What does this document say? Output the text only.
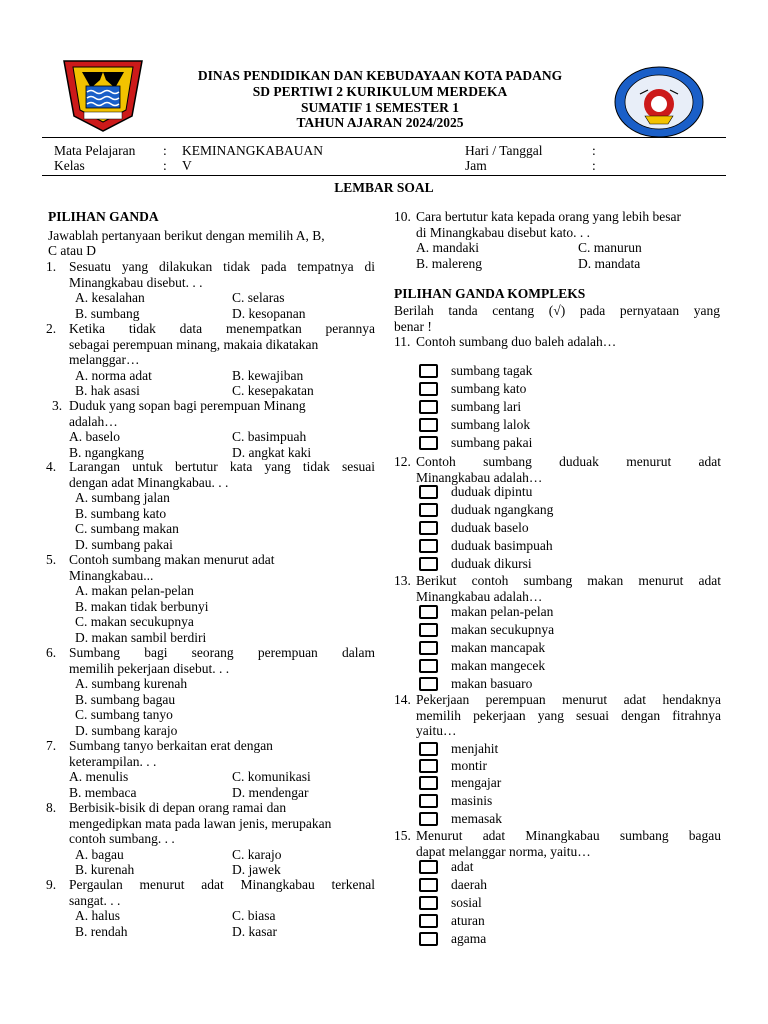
DINAS PENDIDIKAN DAN KEBUDAYAAN KOTA PADANG
SD PERTIWI 2 KURIKULUM MERDEKA
SUMATIF 1 SEMESTER 1
TAHUN AJARAN 2024/2025
Mata Pelajaran : KEMINANGKABAUAN	Hari / Tanggal	:
Kelas	: V	Jam	:
LEMBAR SOAL
PILIHAN GANDA
Jawablah pertanyaan berikut dengan memilih A, B,
C atau D
1. Sesuatu yang dilakukan tidak pada tempatnya di
Minangkabau disebut. . .
A. kesalahan
B. sumbang
C. selaras
D. kesopanan
2. Ketika tidak data menempatkan perannya
sebagai perempuan minang, makaia dikatakan
melanggar…
A. norma adat
B. hak asasi
B. kewajiban
C. kesepakatan
3. Duduk yang sopan bagi perempuan Minang
adalah…
A. baselo
B. ngangkang
C. basimpuah
D. angkat kaki
4. Larangan untuk bertutur kata yang tidak sesuai
dengan adat Minangkabau. . .
A. sumbang jalan
B. sumbang kato
C. sumbang makan
D. sumbang pakai
5. Contoh sumbang makan menurut adat
Minangkabau...
A. makan pelan-pelan
B. makan tidak berbunyi
C. makan secukupnya
D. makan sambil berdiri
6. Sumbang bagi seorang perempuan dalam
memilih pekerjaan disebut. . .
A. sumbang kurenah
B. sumbang bagau
C. sumbang tanyo
D. sumbang karajo
7. Sumbang tanyo berkaitan erat dengan
keterampilan. . .
A. menulis
B. membaca
C. komunikasi
D. mendengar
8. Berbisik-bisik di depan orang ramai dan
mengedipkan mata pada lawan jenis, merupakan
contoh sumbang. . .
A. bagau
B. kurenah
C. karajo
D. jawek
9. Pergaulan menurut adat Minangkabau terkenal
sangat. . .
A. halus
B. rendah
C. biasa
D. kasar
10. Cara bertutur kata kepada orang yang lebih besar
di Minangkabau disebut kato. . .
A. mandaki
B. malereng
C. manurun
D. mandata
PILIHAN GANDA KOMPLEKS
Berilah tanda centang (√) pada pernyataan yang
benar !
11. Contoh sumbang duo baleh adalah…
sumbang tagak
sumbang kato
sumbang lari
sumbang lalok
sumbang pakai
12. Contoh sumbang duduak menurut adat
Minangkabau adalah…
duduak dipintu
duduak ngangkang
duduak baselo
duduak basimpuah
duduak dikursi
13. Berikut contoh sumbang makan menurut adat
Minangkabau adalah…
makan pelan-pelan
makan secukupnya
makan mancapak
makan mangecek
makan basuaro
14. Pekerjaan perempuan menurut adat hendaknya
memilih pekerjaan yang sesuai dengan fitrahnya
yaitu…
menjahit
montir
mengajar
masinis
memasak
15. Menurut adat Minangkabau sumbang bagau
dapat melanggar norma, yaitu…
adat
daerah
sosial
aturan
agama
